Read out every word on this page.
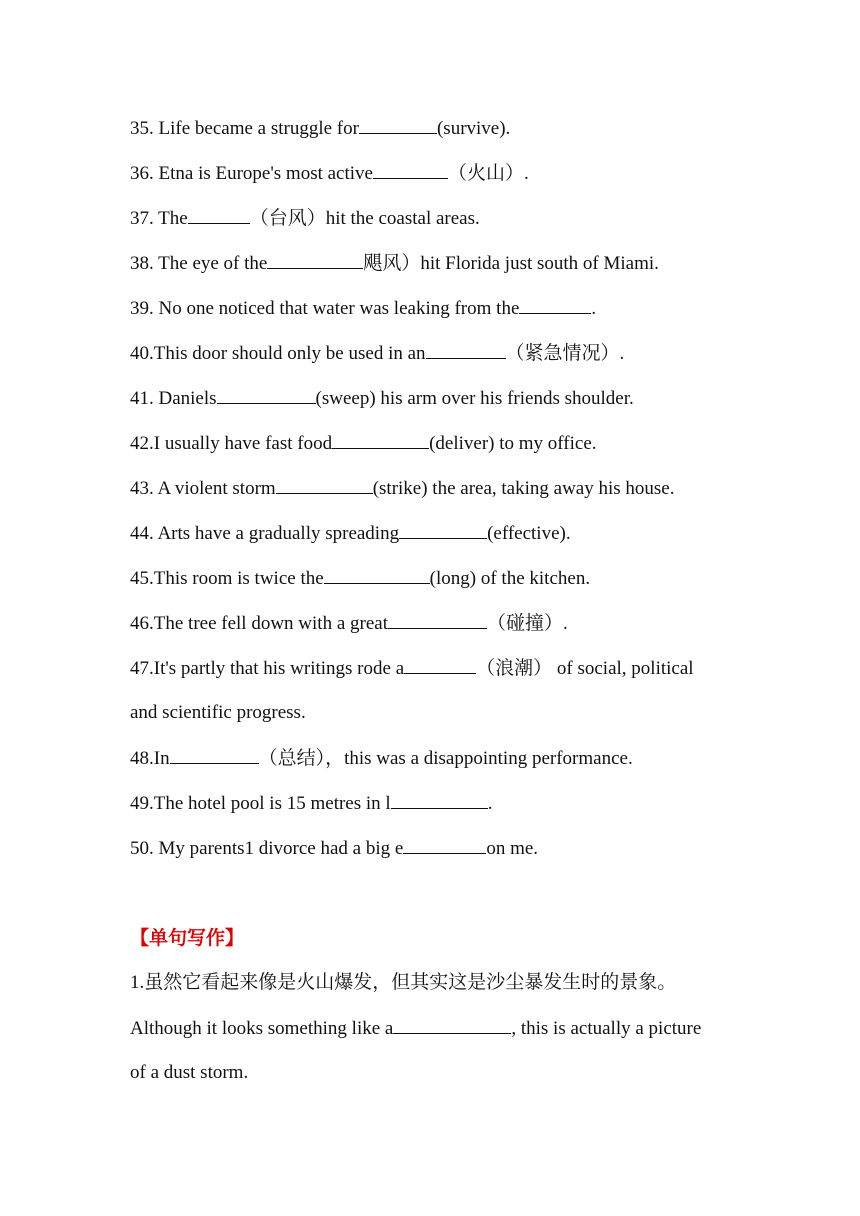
35. Life became a struggle for	(survive).
36. Etna is Europe's most active	（火山）.
37. The	（台风）hit the coastal areas.
38. The eye of the	飓风）hit Florida just south of Miami.
39. No one noticed that water was leaking from the	.
40.This door should only be used in an	（紧急情况）.
41. Daniels	(sweep) his arm over his friends shoulder.
42.I usually have fast food	(deliver) to my office.
43. A violent storm	(strike) the area, taking away his house.
44. Arts have a gradually spreading	(effective).
45.This room is twice the	(long) of the kitchen.
46.The tree fell down with a great	（碰撞）.
47.It's partly that his writings rode a	（浪潮） of social, political
and scientific progress.
48.In	（总结），this was a disappointing performance.
49.The hotel pool is 15 metres in l	.
50. My parents1 divorce had a big e	on me.
【单句写作】
1.虽然它看起来像是火山爆发，但其实这是沙尘暴发生时的景象。
Although it looks something like a	, this is actually a picture
of a dust storm.
